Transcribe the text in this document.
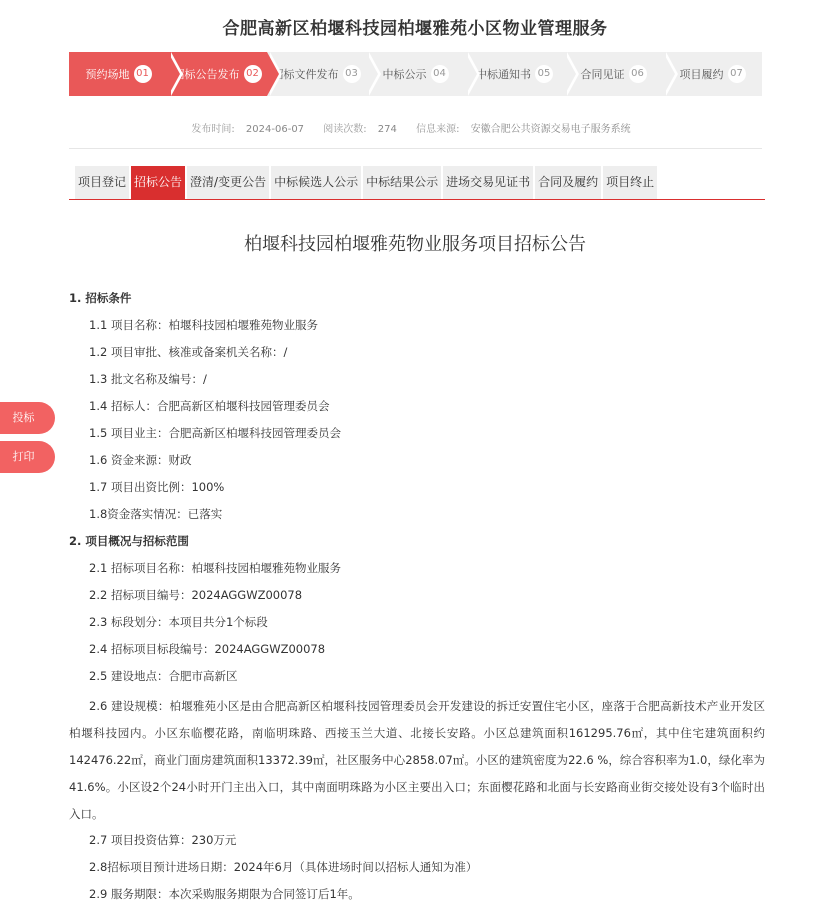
合肥高新区柏堰科技园柏堰雅苑小区物业管理服务
预约场地 01 招标公告发布 02 招标文件发布 03 中标公示 04	中标通知书 05	合同见证 06	项目履约 07
发布时间: 2024-06-07 阅读次数: 274 信息来源: 安徽合肥公共资源交易电子服务系统
项目登记 招标公告 澄清/变更公告 中标候选人公示 中标结果公示 进场交易见证书 合同及履约 项目终止
柏堰科技园柏堰雅苑物业服务项目招标公告
1. 招标条件
1.1 项目名称：柏堰科技园柏堰雅苑物业服务
1.2 项目审批、核准或备案机关名称：/
1.3 批文名称及编号：/
1.4 招标人：合肥高新区柏堰科技园管理委员会
1.5 项目业主：合肥高新区柏堰科技园管理委员会
1.6 资金来源：财政
1.7 项目出资比例：100%
1.8资金落实情况：已落实
2. 项目概况与招标范围
2.1 招标项目名称：柏堰科技园柏堰雅苑物业服务
2.2 招标项目编号：2024AGGWZ00078
2.3 标段划分：本项目共分1个标段
2.4 招标项目标段编号：2024AGGWZ00078
2.5 建设地点：合肥市高新区
2.6 建设规模：柏堰雅苑小区是由合肥高新区柏堰科技园管理委员会开发建设的拆迁安置住宅小区，座落于合肥高新技术产业开发区柏堰科技园内。小区东临樱花路，南临明珠路、西接玉兰大道、北接长安路。小区总建筑面积161295.76㎡，其中住宅建筑面积约 142476.22㎡，商业门面房建筑面积13372.39㎡，社区服务中心2858.07㎡。小区的建筑密度为22.6 %，综合容积率为1.0，绿化率为41.6%。小区设2个24小时开门主出入口，其中南面明珠路为小区主要出入口；东面樱花路和北面与长安路商业街交接处设有3个临时出入口。
2.7 项目投资估算：230万元
2.8招标项目预计进场日期：2024年6月（具体进场时间以招标人通知为准）
2.9 服务期限：本次采购服务期限为合同签订后1年。
投标
打印
